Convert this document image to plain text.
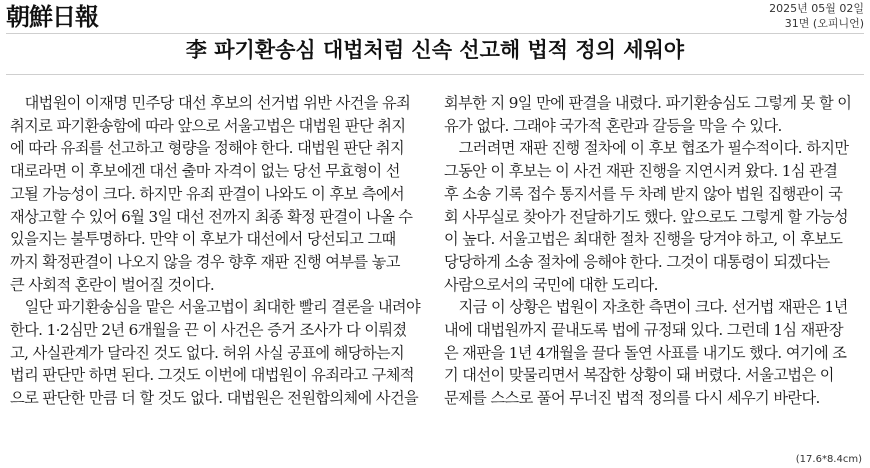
朝鮮日報	2025년 05월 02일
31면 (오피니언)
李 파기환송심 대법처럼 신속 선고해 법적 정의 세워야
　대법원이 이재명 민주당 대선 후보의 선거법 위반 사건을 유죄
취지로 파기환송함에 따라 앞으로 서울고법은 대법원 판단 취지
에 따라 유죄를 선고하고 형량을 정해야 한다. 대법원 판단 취지
대로라면 이 후보에겐 대선 출마 자격이 없는 당선 무효형이 선
고될 가능성이 크다. 하지만 유죄 판결이 나와도 이 후보 측에서
재상고할 수 있어 6월 3일 대선 전까지 최종 확정 판결이 나올 수
있을지는 불투명하다. 만약 이 후보가 대선에서 당선되고 그때
까지 확정판결이 나오지 않을 경우 향후 재판 진행 여부를 놓고
큰 사회적 혼란이 벌어질 것이다.
　일단 파기환송심을 맡은 서울고법이 최대한 빨리 결론을 내려야
한다. 1·2심만 2년 6개월을 끈 이 사건은 증거 조사가 다 이뤄졌
고, 사실관계가 달라진 것도 없다. 허위 사실 공표에 해당하는지
법리 판단만 하면 된다. 그것도 이번에 대법원이 유죄라고 구체적
으로 판단한 만큼 더 할 것도 없다. 대법원은 전원합의체에 사건을
회부한 지 9일 만에 판결을 내렸다. 파기환송심도 그렇게 못 할 이
유가 없다. 그래야 국가적 혼란과 갈등을 막을 수 있다.
　그러려면 재판 진행 절차에 이 후보 협조가 필수적이다. 하지만
그동안 이 후보는 이 사건 재판 진행을 지연시켜 왔다. 1심 관결
후 소송 기록 접수 통지서를 두 차례 받지 않아 법원 집행관이 국
회 사무실로 찾아가 전달하기도 했다. 앞으로도 그렇게 할 가능성
이 높다. 서울고법은 최대한 절차 진행을 당겨야 하고, 이 후보도
당당하게 소송 절차에 응해야 한다. 그것이 대통령이 되겠다는
사람으로서의 국민에 대한 도리다.
　지금 이 상황은 법원이 자초한 측면이 크다. 선거법 재판은 1년
내에 대법원까지 끝내도록 법에 규정돼 있다. 그런데 1심 재판장
은 재판을 1년 4개월을 끌다 돌연 사표를 내기도 했다. 여기에 조
기 대선이 맞물리면서 복잡한 상황이 돼 버렸다. 서울고법은 이
문제를 스스로 풀어 무너진 법적 정의를 다시 세우기 바란다.
(17.6*8.4cm)
